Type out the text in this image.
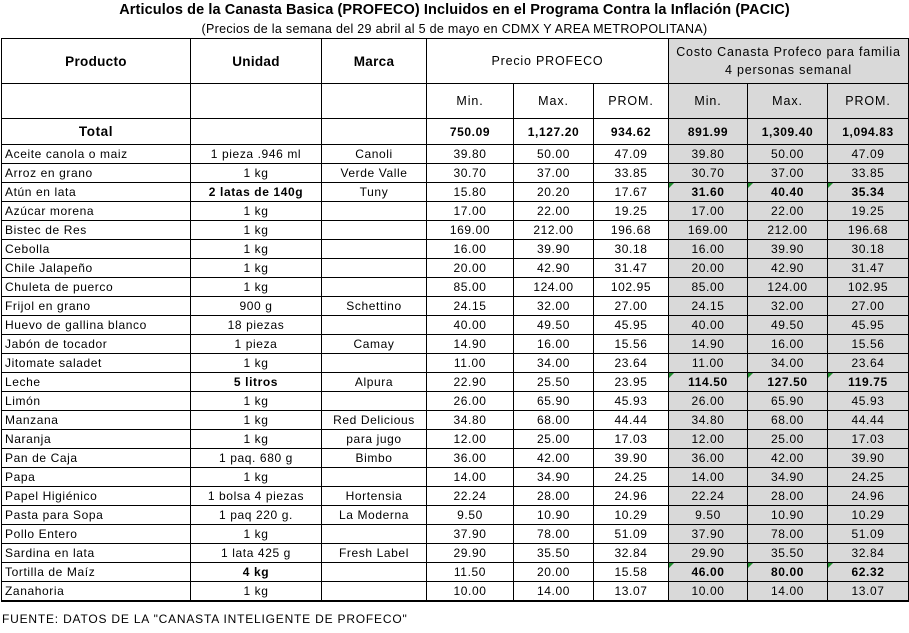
Articulos de la Canasta Basica (PROFECO) Incluidos en el Programa Contra la Inflación (PACIC)
(Precios de la semana del 29 abril al 5 de mayo en CDMX Y AREA METROPOLITANA)
Producto	Unidad	Marca	Precio PROFECO			Costo Canasta Profeco para familia 4 personas semanal		
			Min.	Max.	PROM.	Min.	Max.	PROM.
Total			750.09	1,127.20	934.62	891.99	1,309.40	1,094.83
Aceite canola o maiz	1 pieza .946 ml	Canoli	39.80	50.00	47.09	39.80	50.00	47.09
Arroz en grano	1 kg	Verde Valle	30.70	37.00	33.85	30.70	37.00	33.85
Atún en lata	2 latas de 140g	Tuny	15.80	20.20	17.67	31.60	40.40	35.34
Azúcar morena	1 kg		17.00	22.00	19.25	17.00	22.00	19.25
Bistec de Res	1 kg		169.00	212.00	196.68	169.00	212.00	196.68
Cebolla	1 kg		16.00	39.90	30.18	16.00	39.90	30.18
Chile Jalapeño	1 kg		20.00	42.90	31.47	20.00	42.90	31.47
Chuleta de puerco	1 kg		85.00	124.00	102.95	85.00	124.00	102.95
Frijol en grano	900 g	Schettino	24.15	32.00	27.00	24.15	32.00	27.00
Huevo de gallina blanco	18 piezas		40.00	49.50	45.95	40.00	49.50	45.95
Jabón de tocador	1 pieza	Camay	14.90	16.00	15.56	14.90	16.00	15.56
Jitomate saladet	1 kg		11.00	34.00	23.64	11.00	34.00	23.64
Leche	5 litros	Alpura	22.90	25.50	23.95	114.50	127.50	119.75
Limón	1 kg		26.00	65.90	45.93	26.00	65.90	45.93
Manzana	1 kg	Red Delicious	34.80	68.00	44.44	34.80	68.00	44.44
Naranja	1 kg	para jugo	12.00	25.00	17.03	12.00	25.00	17.03
Pan de Caja	1 paq. 680 g	Bimbo	36.00	42.00	39.90	36.00	42.00	39.90
Papa	1 kg		14.00	34.90	24.25	14.00	34.90	24.25
Papel Higiénico	1 bolsa 4 piezas	Hortensia	22.24	28.00	24.96	22.24	28.00	24.96
Pasta para Sopa	1 paq 220 g.	La Moderna	9.50	10.90	10.29	9.50	10.90	10.29
Pollo Entero	1 kg		37.90	78.00	51.09	37.90	78.00	51.09
Sardina en lata	1 lata 425 g	Fresh Label	29.90	35.50	32.84	29.90	35.50	32.84
Tortilla de Maíz	4 kg		11.50	20.00	15.58	46.00	80.00	62.32
Zanahoria	1 kg		10.00	14.00	13.07	10.00	14.00	13.07
FUENTE: DATOS DE LA "CANASTA INTELIGENTE DE PROFECO"
